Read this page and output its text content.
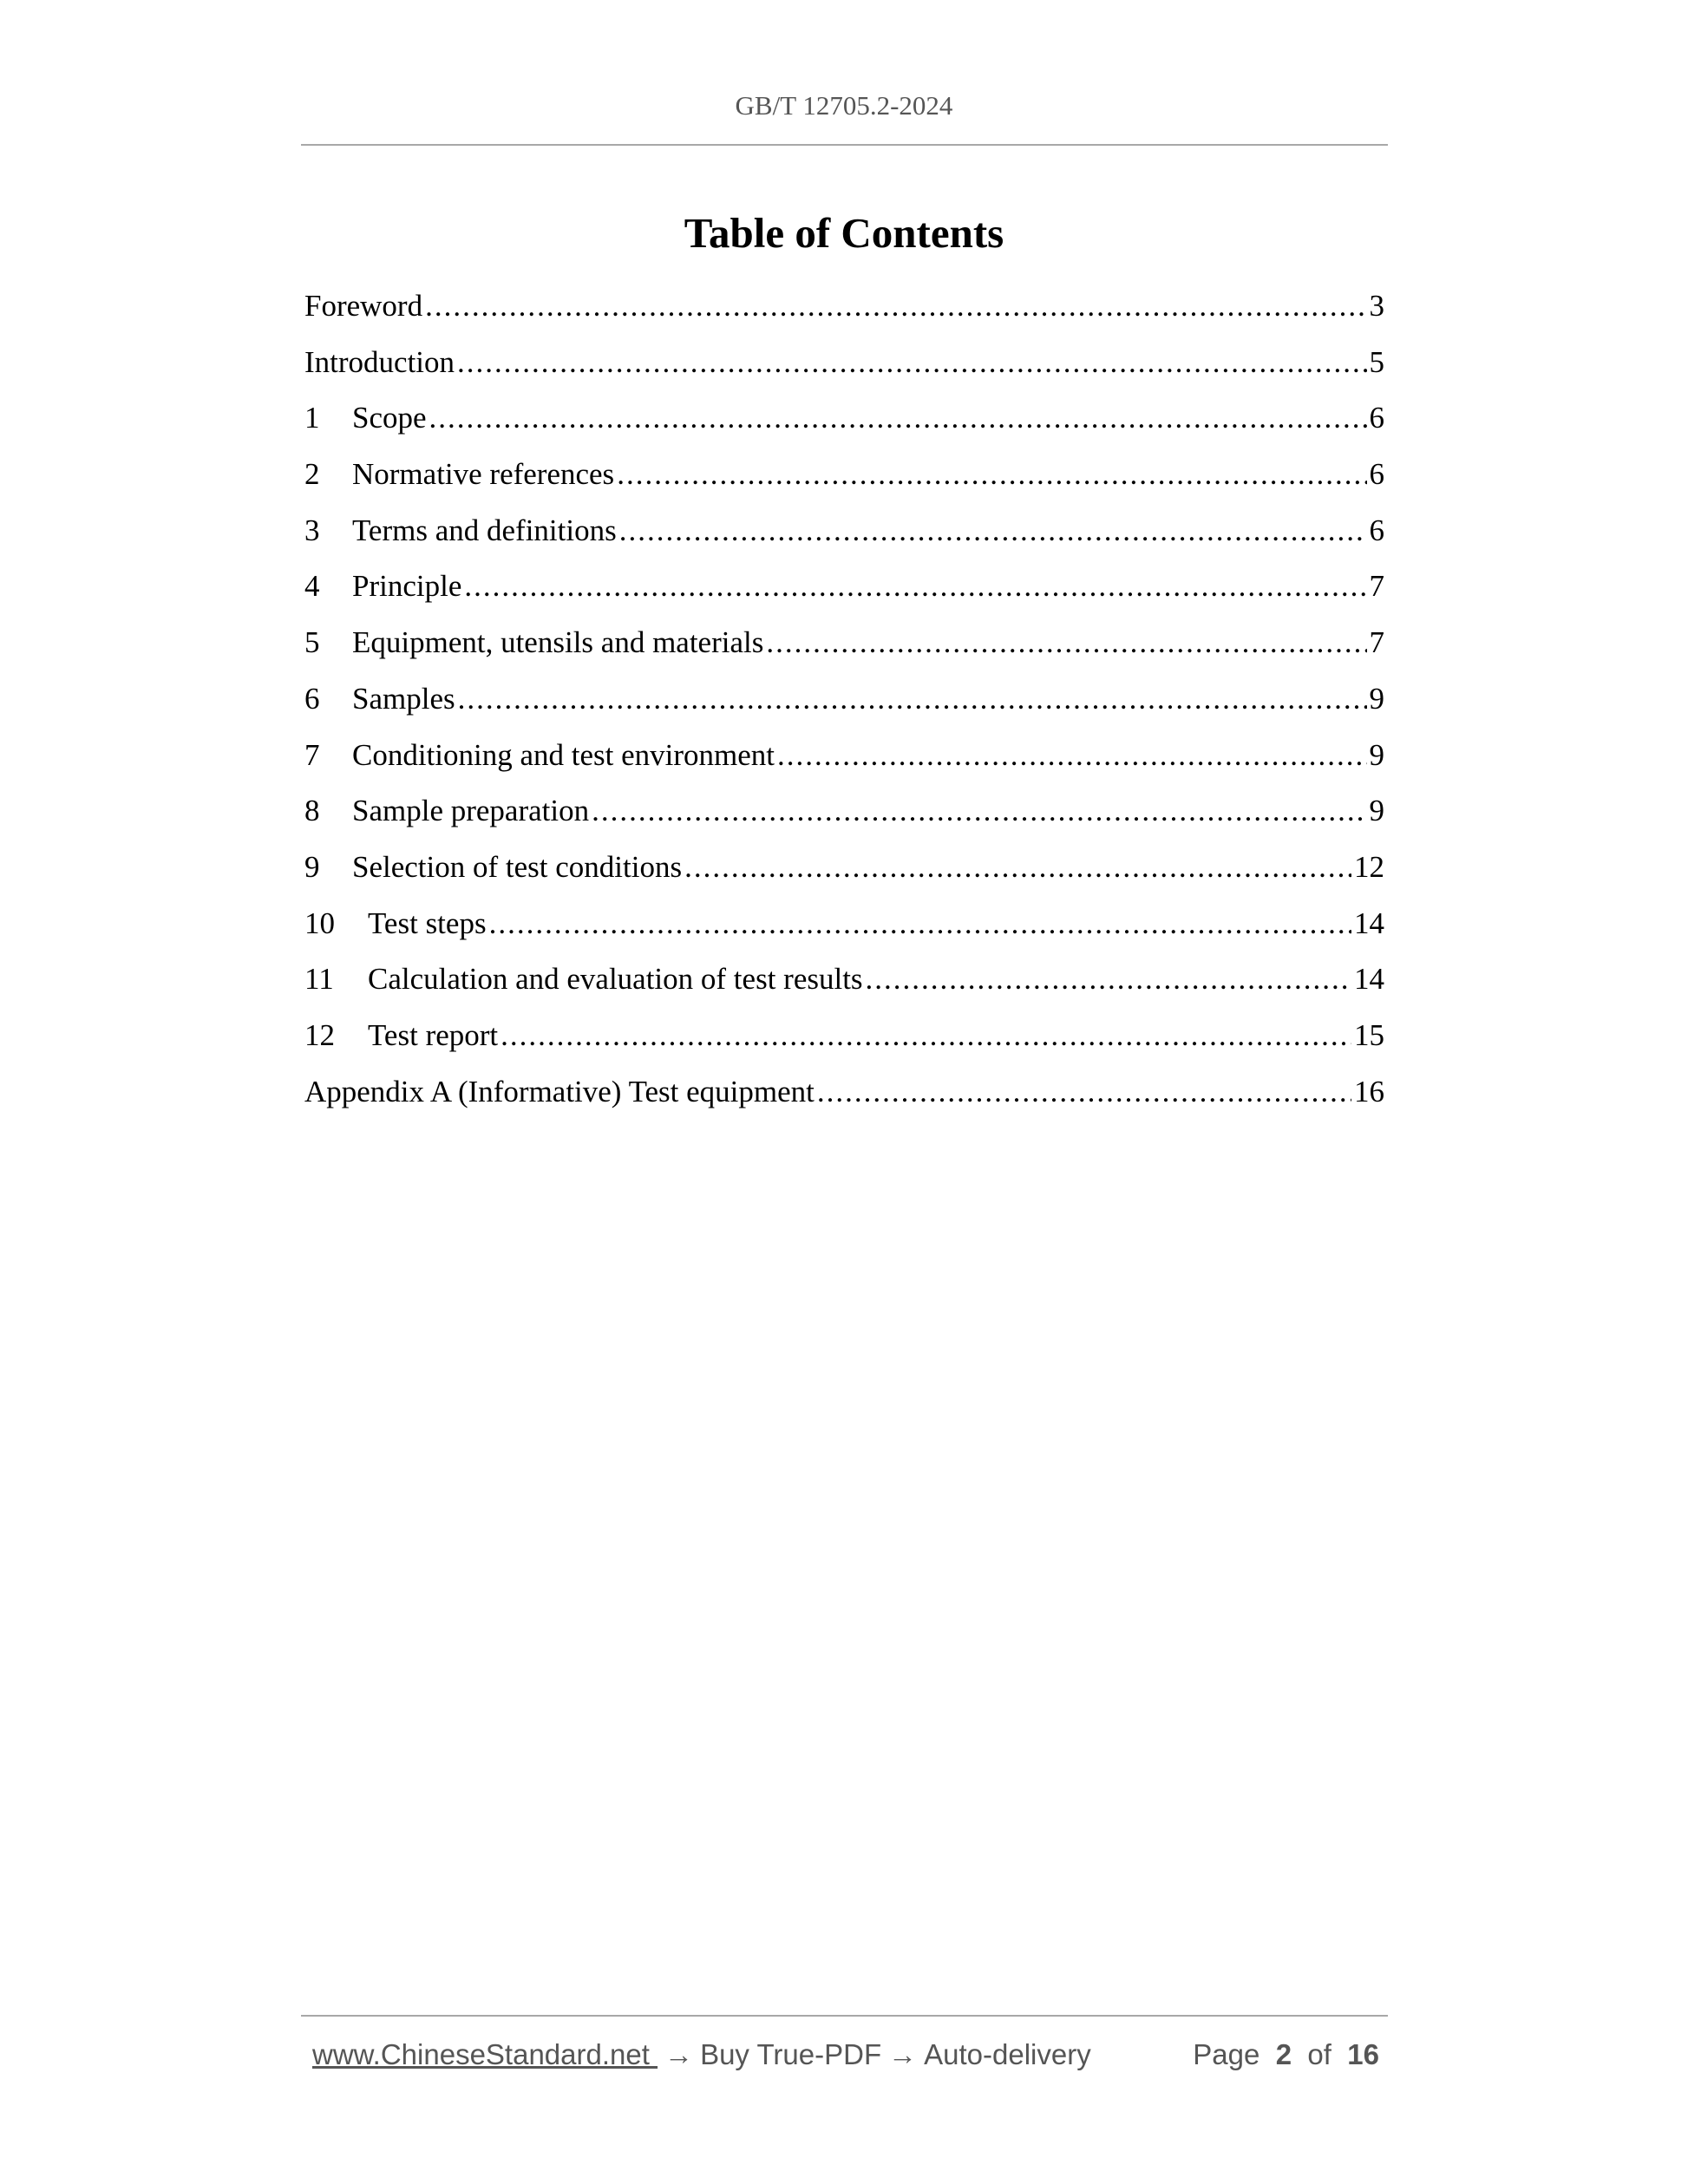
GB/T 12705.2-2024
Table of Contents
Foreword .....	3
Introduction .....	5
1	Scope .....	6
2	Normative references .....	6
3	Terms and definitions .....	6
4	Principle .....	7
5	Equipment, utensils and materials .....	7
6	Samples .....	9
7	Conditioning and test environment .....	9
8	Sample preparation .....	9
9	Selection of test conditions .....	12
10	Test steps .....	14
11	Calculation and evaluation of test results .....	14
12	Test report .....	15
Appendix A (Informative) Test equipment .....	16
www.ChineseStandard.net → Buy True-PDF → Auto-delivery	Page 2 of 16
